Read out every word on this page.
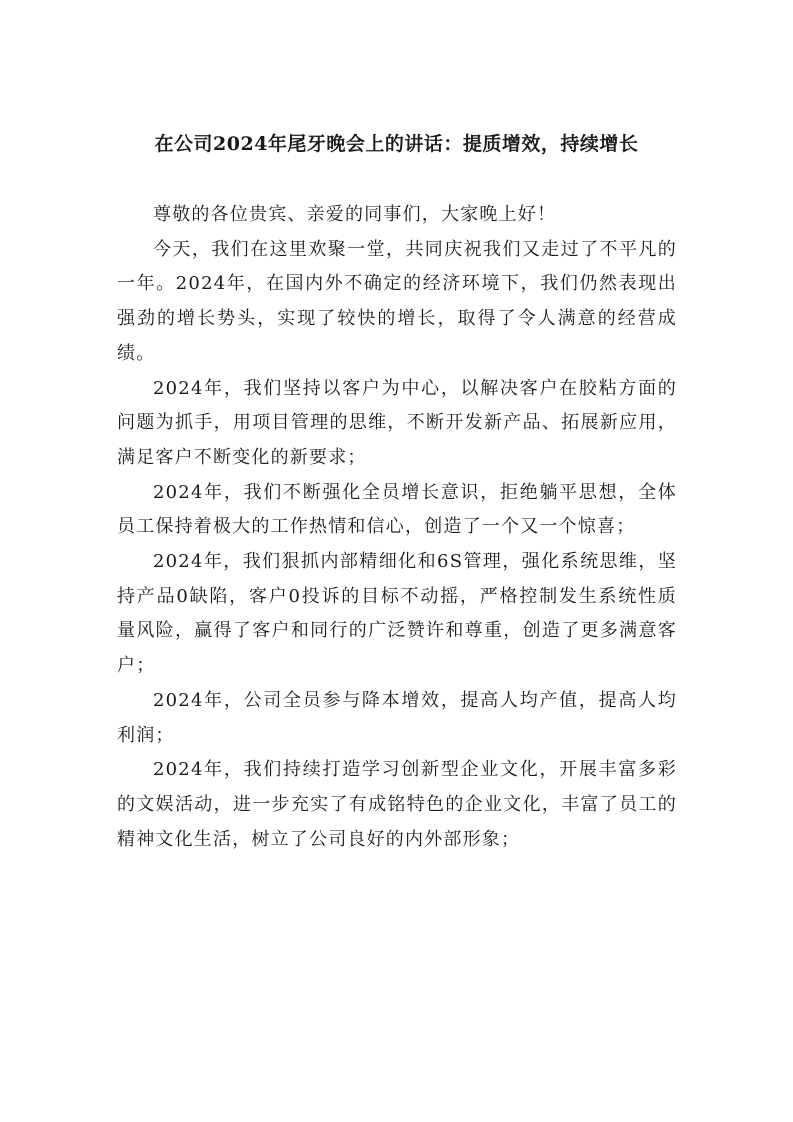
在公司2024年尾牙晚会上的讲话：提质增效，持续增长

尊敬的各位贵宾、亲爱的同事们，大家晚上好！

今天，我们在这里欢聚一堂，共同庆祝我们又走过了不平凡的一年。2024年，在国内外不确定的经济环境下，我们仍然表现出强劲的增长势头，实现了较快的增长，取得了令人满意的经营成绩。

2024年，我们坚持以客户为中心，以解决客户在胶粘方面的问题为抓手，用项目管理的思维，不断开发新产品、拓展新应用，满足客户不断变化的新要求；

2024年，我们不断强化全员增长意识，拒绝躺平思想，全体员工保持着极大的工作热情和信心，创造了一个又一个惊喜；

2024年，我们狠抓内部精细化和6S管理，强化系统思维，坚持产品0缺陷，客户0投诉的目标不动摇，严格控制发生系统性质量风险，赢得了客户和同行的广泛赞许和尊重，创造了更多满意客户；

2024年，公司全员参与降本增效，提高人均产值，提高人均利润；

2024年，我们持续打造学习创新型企业文化，开展丰富多彩的文娱活动，进一步充实了有成铭特色的企业文化，丰富了员工的精神文化生活，树立了公司良好的内外部形象；
